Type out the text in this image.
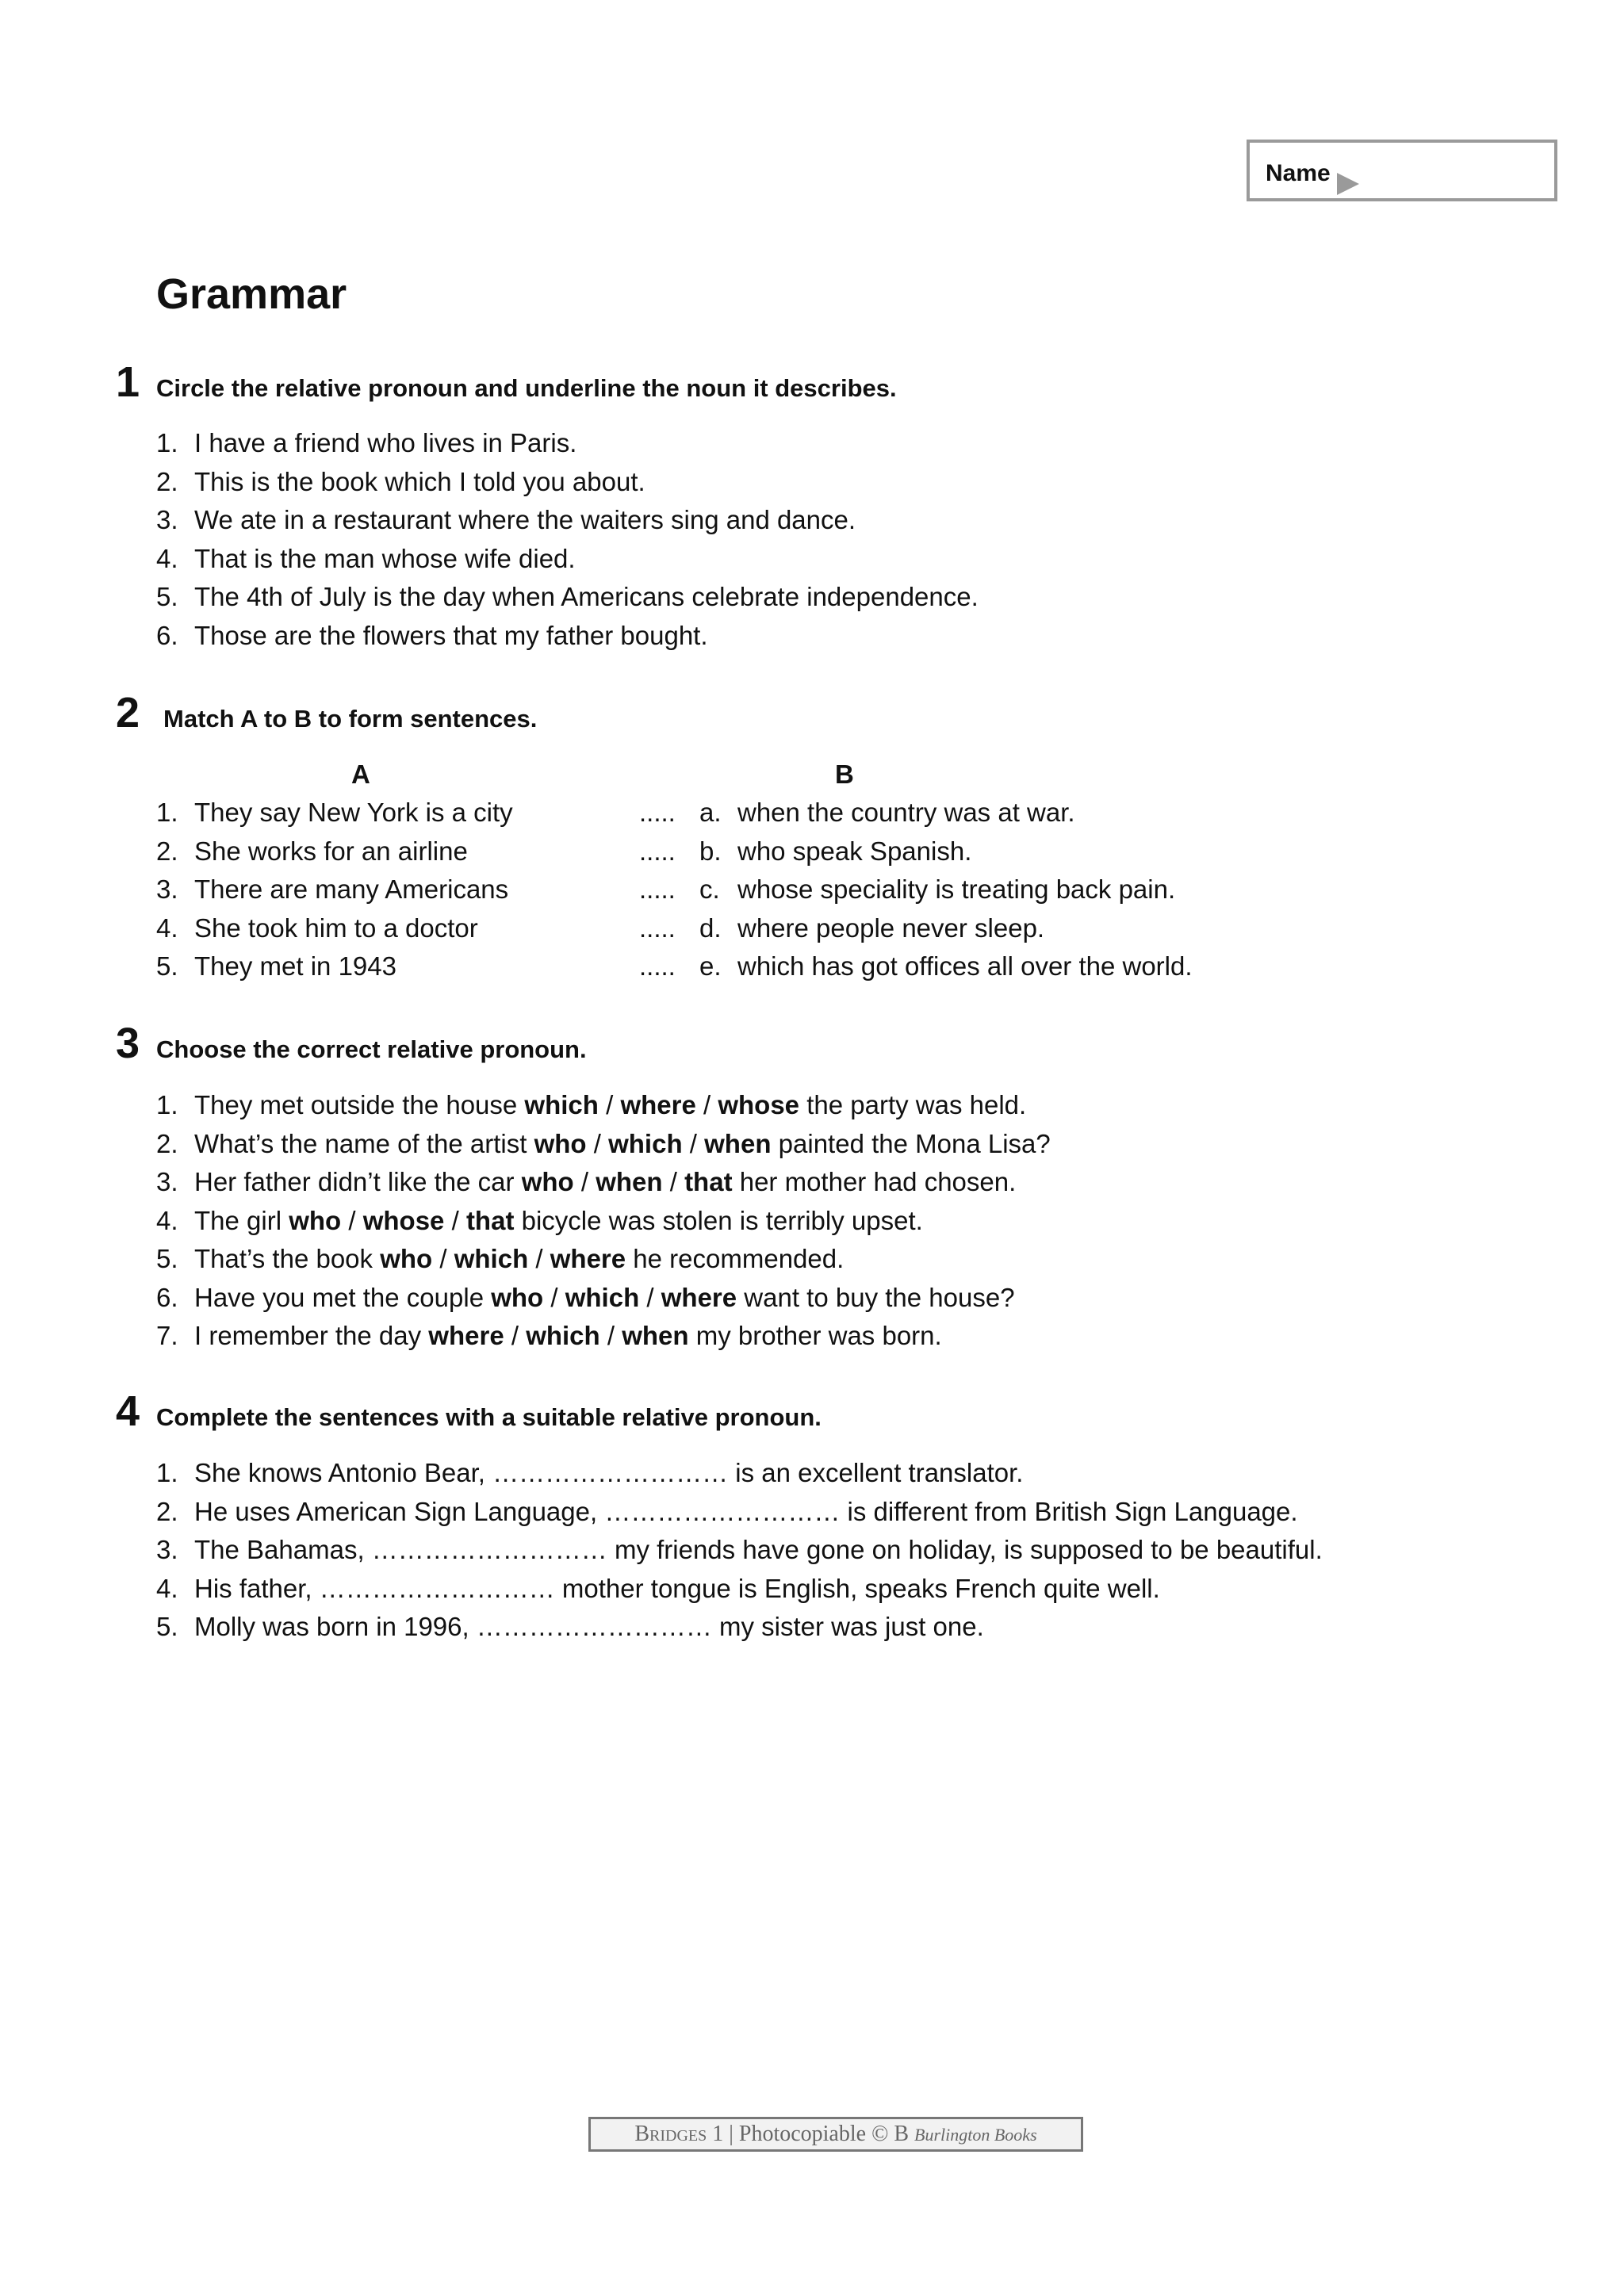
Name
Grammar
1 Circle the relative pronoun and underline the noun it describes.
1. I have a friend who lives in Paris.
2. This is the book which I told you about.
3. We ate in a restaurant where the waiters sing and dance.
4. That is the man whose wife died.
5. The 4th of July is the day when Americans celebrate independence.
6. Those are the flowers that my father bought.
2 Match A to B to form sentences.
A	B
1. They say New York is a city
2. She works for an airline
3. There are many Americans
4. She took him to a doctor
5. They met in 1943
..... a. when the country was at war.
..... b. who speak Spanish.
..... c. whose speciality is treating back pain.
..... d. where people never sleep.
..... e. which has got offices all over the world.
3 Choose the correct relative pronoun.
1. They met outside the house which / where / whose the party was held.
2. What’s the name of the artist who / which / when painted the Mona Lisa?
3. Her father didn’t like the car who / when / that her mother had chosen.
4. The girl who / whose / that bicycle was stolen is terribly upset.
5. That’s the book who / which / where he recommended.
6. Have you met the couple who / which / where want to buy the house?
7. I remember the day where / which / when my brother was born.
4 Complete the sentences with a suitable relative pronoun.
1. She knows Antonio Bear, ……………………… is an excellent translator.
2. He uses American Sign Language, ……………………… is different from British Sign Language.
3. The Bahamas, ……………………… my friends have gone on holiday, is supposed to be beautiful.
4. His father, ……………………… mother tongue is English, speaks French quite well.
5. Molly was born in 1996, ……………………… my sister was just one.
Bridges 1 | Photocopiable © B Burlington Books
